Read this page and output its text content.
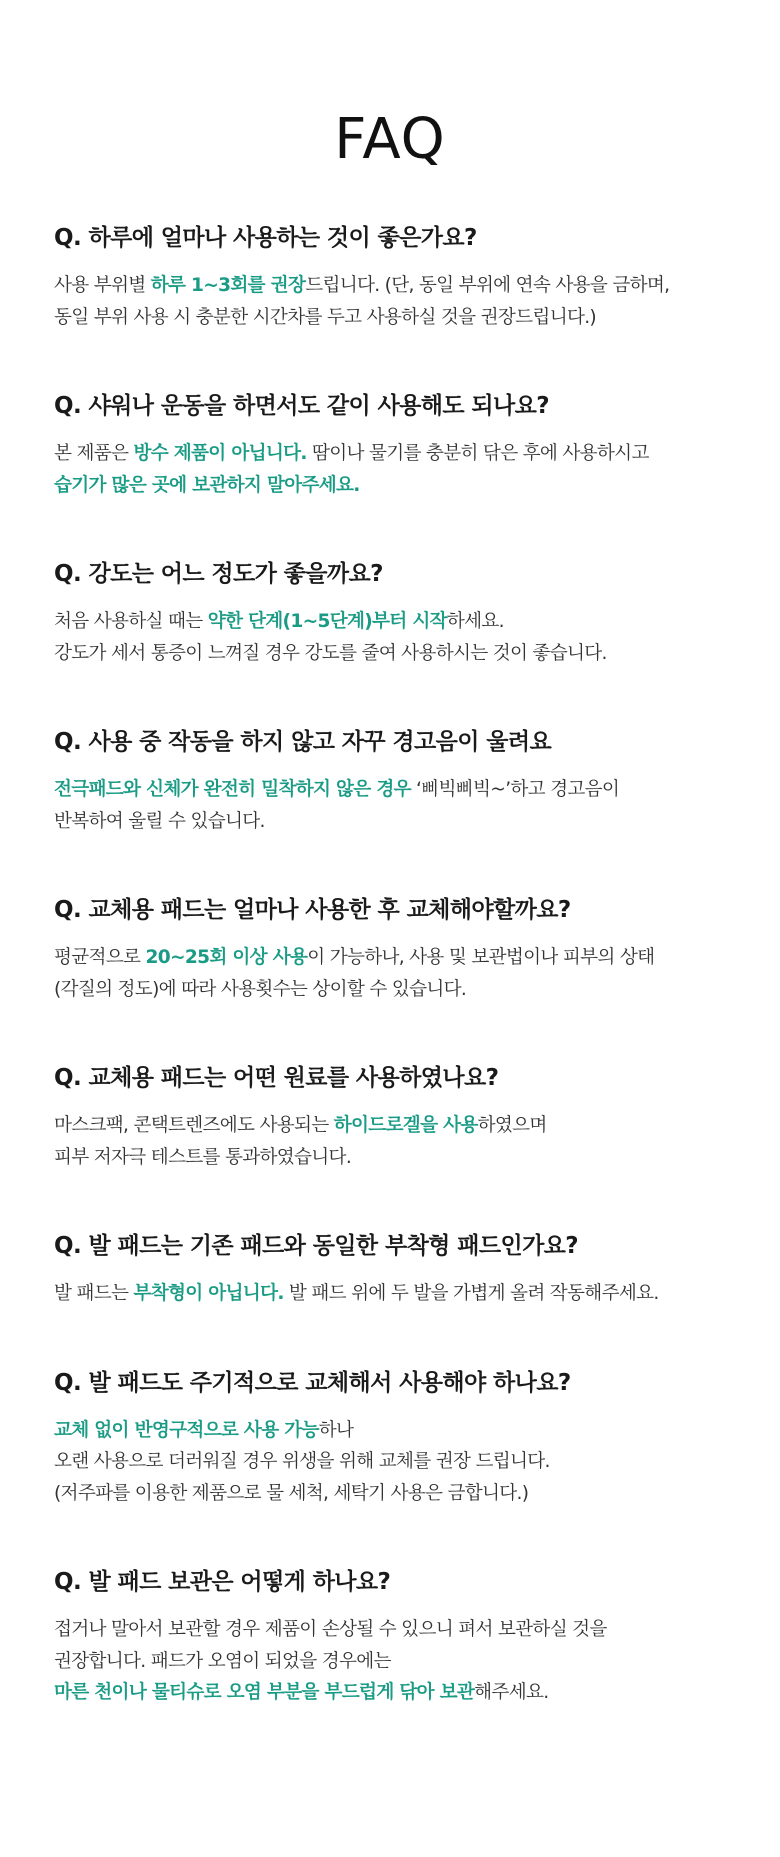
FAQ

Q. 하루에 얼마나 사용하는 것이 좋은가요?

사용 부위별 하루 1~3회를 권장드립니다. (단, 동일 부위에 연속 사용을 금하며,
동일 부위 사용 시 충분한 시간차를 두고 사용하실 것을 권장드립니다.)

Q. 샤워나 운동을 하면서도 같이 사용해도 되나요?

본 제품은 방수 제품이 아닙니다. 땀이나 물기를 충분히 닦은 후에 사용하시고
습기가 많은 곳에 보관하지 말아주세요.

Q. 강도는 어느 정도가 좋을까요?

처음 사용하실 때는 약한 단계(1~5단계)부터 시작하세요.
강도가 세서 통증이 느껴질 경우 강도를 줄여 사용하시는 것이 좋습니다.

Q. 사용 중 작동을 하지 않고 자꾸 경고음이 울려요

전극패드와 신체가 완전히 밀착하지 않은 경우 ‘삐빅삐빅~’하고 경고음이
반복하여 울릴 수 있습니다.

Q. 교체용 패드는 얼마나 사용한 후 교체해야할까요?

평균적으로 20~25회 이상 사용이 가능하나, 사용 및 보관법이나 피부의 상태
(각질의 정도)에 따라 사용횟수는 상이할 수 있습니다.

Q. 교체용 패드는 어떤 원료를 사용하였나요?

마스크팩, 콘택트렌즈에도 사용되는 하이드로겔을 사용하였으며
피부 저자극 테스트를 통과하였습니다.

Q. 발 패드는 기존 패드와 동일한 부착형 패드인가요?

발 패드는 부착형이 아닙니다. 발 패드 위에 두 발을 가볍게 올려 작동해주세요.

Q. 발 패드도 주기적으로 교체해서 사용해야 하나요?

교체 없이 반영구적으로 사용 가능하나
오랜 사용으로 더러워질 경우 위생을 위해 교체를 권장 드립니다.
(저주파를 이용한 제품으로 물 세척, 세탁기 사용은 금합니다.)

Q. 발 패드 보관은 어떻게 하나요?

접거나 말아서 보관할 경우 제품이 손상될 수 있으니 펴서 보관하실 것을
권장합니다. 패드가 오염이 되었을 경우에는
마른 천이나 물티슈로 오염 부분을 부드럽게 닦아 보관해주세요.
